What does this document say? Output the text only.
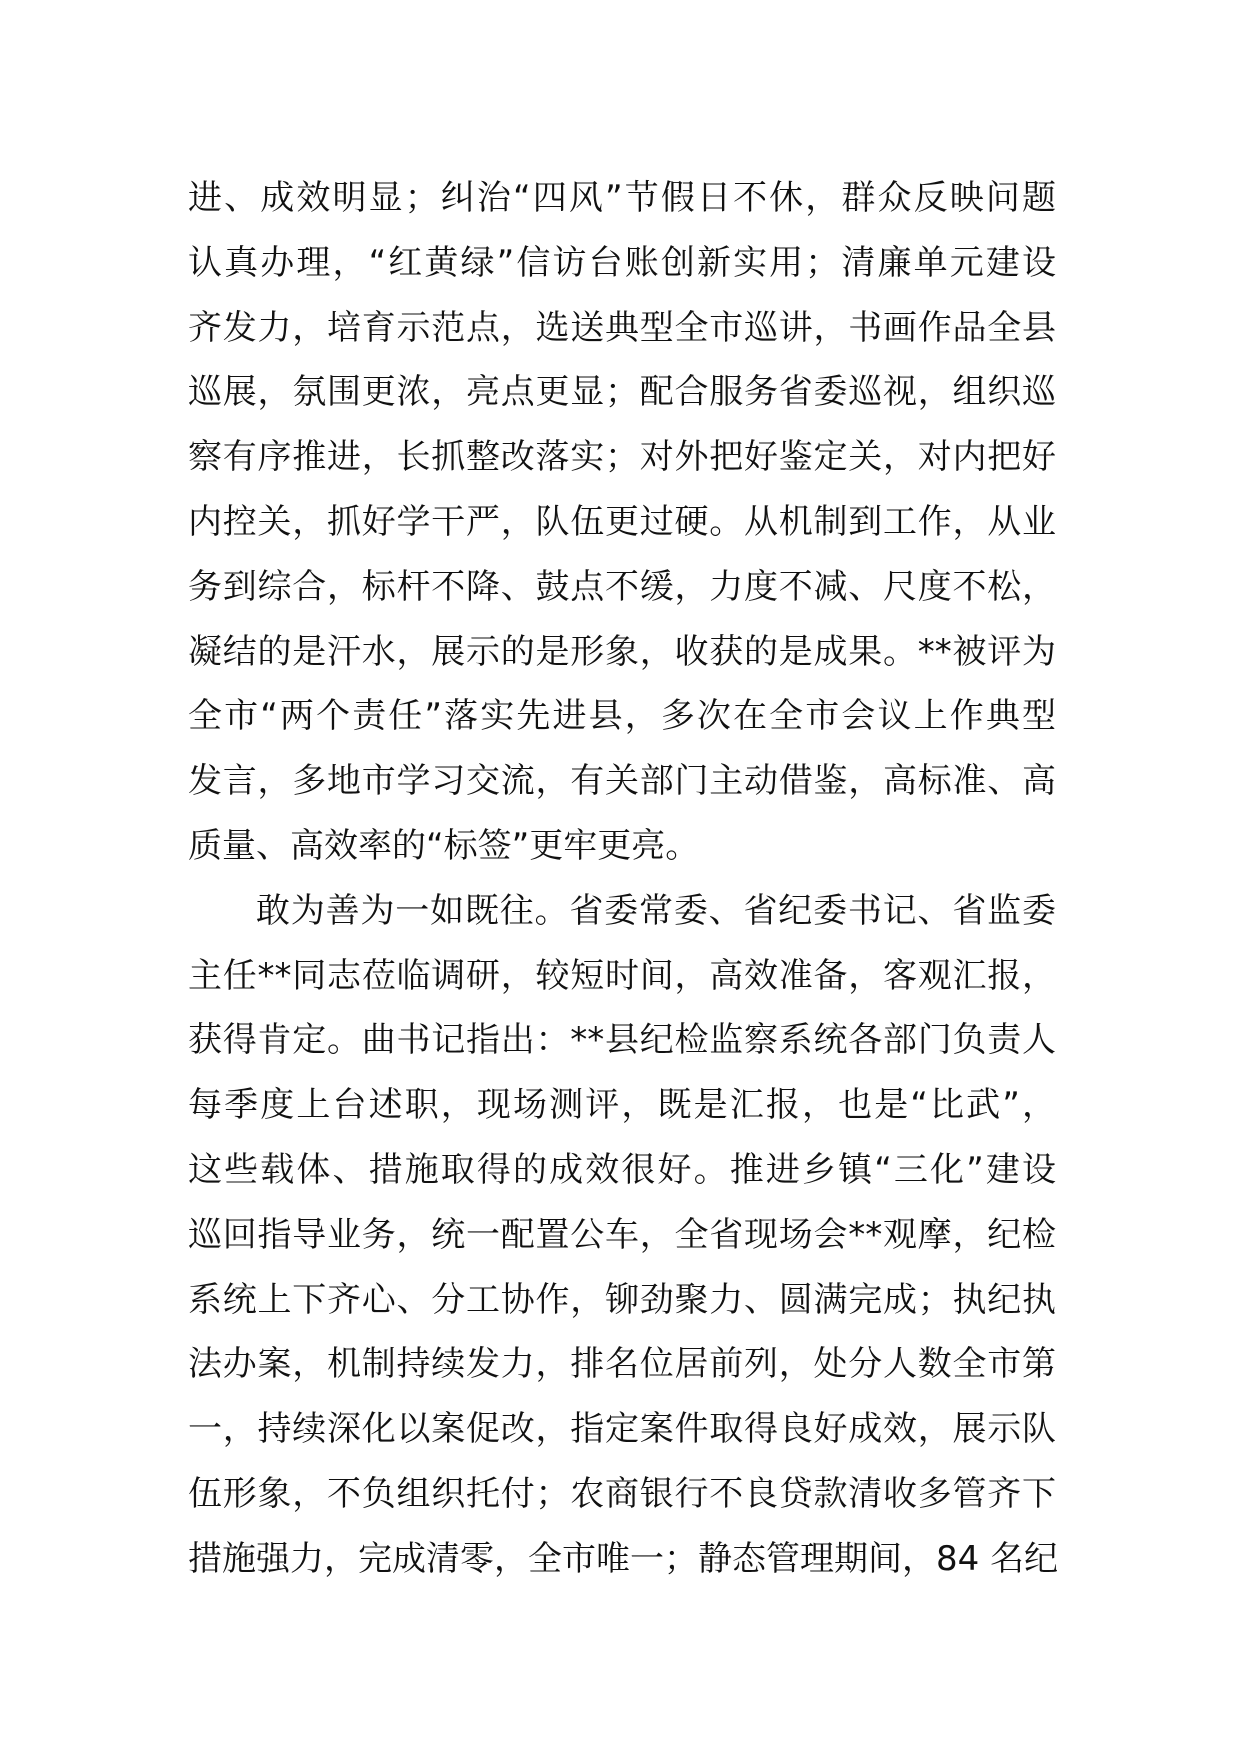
进、成效明显；纠治“四风”节假日不休，群众反映问题
认真办理，“红黄绿”信访台账创新实用；清廉单元建设
齐发力，培育示范点，选送典型全市巡讲，书画作品全县
巡展，氛围更浓，亮点更显；配合服务省委巡视，组织巡
察有序推进，长抓整改落实；对外把好鉴定关，对内把好
内控关，抓好学干严，队伍更过硬。从机制到工作，从业
务到综合，标杆不降、鼓点不缓，力度不减、尺度不松，
凝结的是汗水，展示的是形象，收获的是成果。**被评为
全市“两个责任”落实先进县，多次在全市会议上作典型
发言，多地市学习交流，有关部门主动借鉴，高标准、高
质量、高效率的“标签”更牢更亮。
敢为善为一如既往。省委常委、省纪委书记、省监委
主任**同志莅临调研，较短时间，高效准备，客观汇报，
获得肯定。曲书记指出：**县纪检监察系统各部门负责人
每季度上台述职，现场测评，既是汇报，也是“比武”，
这些载体、措施取得的成效很好。推进乡镇“三化”建设
巡回指导业务，统一配置公车，全省现场会**观摩，纪检
系统上下齐心、分工协作，铆劲聚力、圆满完成；执纪执
法办案，机制持续发力，排名位居前列，处分人数全市第
一，持续深化以案促改，指定案件取得良好成效，展示队
伍形象，不负组织托付；农商银行不良贷款清收多管齐下
措施强力，完成清零，全市唯一；静态管理期间，84 名纪
